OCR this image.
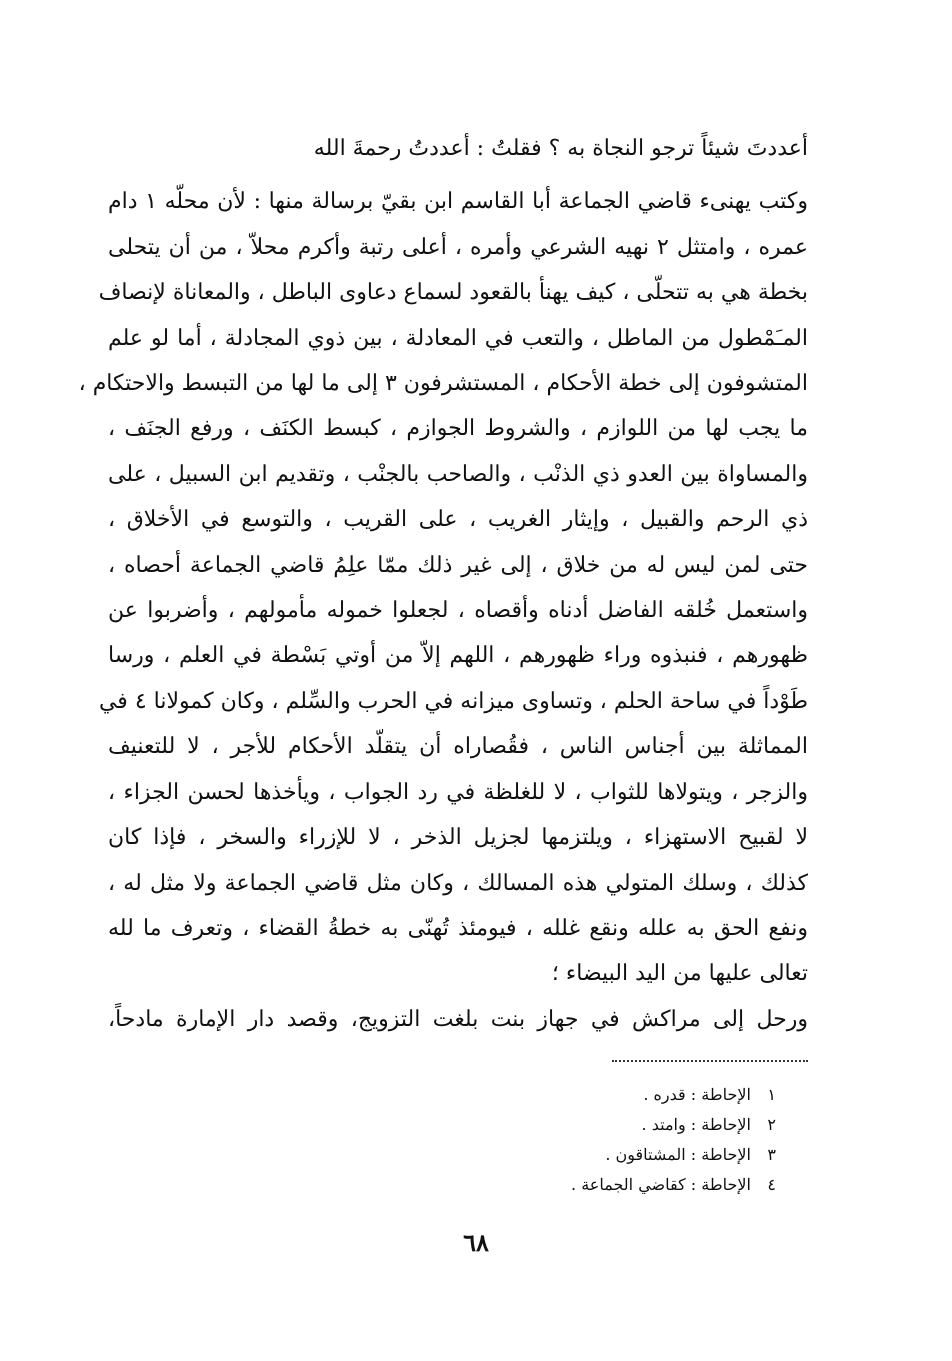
أعددتَ شيئاً ترجو النجاة به ؟ فقلتُ : أعددتُ رحمةَ الله
وكتب يهنىء قاضي الجماعة أبا القاسم ابن بقيّ برسالة منها : لأن محلّه ١ دام
عمره ، وامتثل ٢ نهيه الشرعي وأمره ، أعلى رتبة وأكرم محلاّ ، من أن يتحلى
بخطة هي به تتحلّى ، كيف يهنأ بالقعود لسماع دعاوى الباطل ، والمعاناة لإنصاف
المـَمْطول من الماطل ، والتعب في المعادلة ، بين ذوي المجادلة ، أما لو علم
المتشوفون إلى خطة الأحكام ، المستشرفون ٣ إلى ما لها من التبسط والاحتكام ،
ما يجب لها من اللوازم ، والشروط الجوازم ، كبسط الكنَف ، ورفع الجنَف ،
والمساواة بين العدو ذي الذنْب ، والصاحب بالجنْب ، وتقديم ابن السبيل ، على
ذي الرحم والقبيل ، وإيثار الغريب ، على القريب ، والتوسع في الأخلاق ،
حتى لمن ليس له من خلاق ، إلى غير ذلك ممّا علِمُ قاضي الجماعة أحصاه ،
واستعمل خُلقه الفاضل أدناه وأقصاه ، لجعلوا خموله مأمولهم ، وأضربوا عن
ظهورهم ، فنبذوه وراء ظهورهم ، اللهم إلاّ من أوتي بَسْطة في العلم ، ورسا
طَوْداً في ساحة الحلم ، وتساوى ميزانه في الحرب والسِّلم ، وكان كمولانا ٤ في
المماثلة بين أجناس الناس ، فقُصاراه أن يتقلّد الأحكام للأجر ، لا للتعنيف
والزجر ، ويتولاها للثواب ، لا للغلظة في رد الجواب ، ويأخذها لحسن الجزاء ،
لا لقبيح الاستهزاء ، ويلتزمها لجزيل الذخر ، لا للإزراء والسخر ، فإذا كان
كذلك ، وسلك المتولي هذه المسالك ، وكان مثل قاضي الجماعة ولا مثل له ،
ونفع الحق به علله ونقع غلله ، فيومئذ تُهنّى به خطةُ القضاء ، وتعرف ما لله
تعالى عليها من اليد البيضاء ؛
ورحل إلى مراكش في جهاز بنت بلغت التزويج، وقصد دار الإمارة مادحاً،
١ الإحاطة : قدره .
٢ الإحاطة : وامتد .
٣ الإحاطة : المشتاقون .
٤ الإحاطة : كقاضي الجماعة .
٦٨
